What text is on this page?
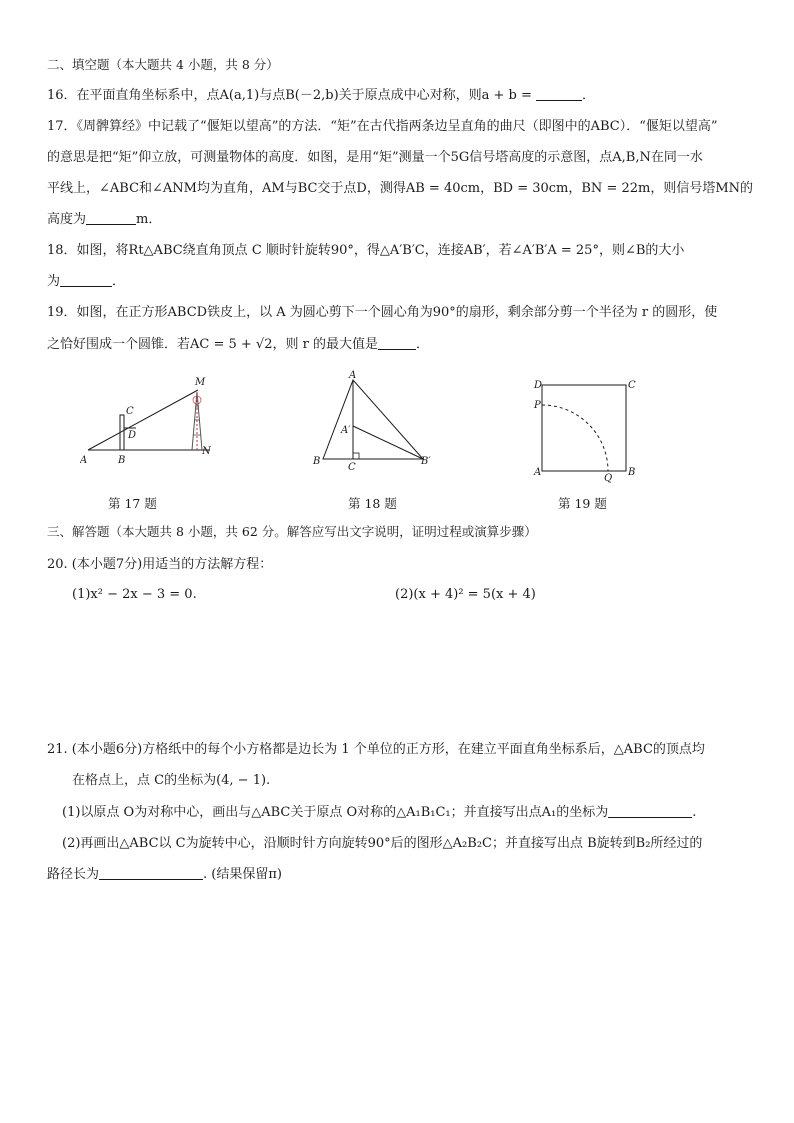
二、填空题（本大题共 4 小题，共 8 分）
16．在平面直角坐标系中，点A(a,1)与点B(－2,b)关于原点成中心对称，则a + b =	．
17．《周髀算经》中记载了“偃矩以望高”的方法．“矩”在古代指两条边呈直角的曲尺（即图中的ABC）．“偃矩以望高”
的意思是把“矩”仰立放，可测量物体的高度．如图，是用“矩”测量一个5G信号塔高度的示意图，点A,B,N在同一水
平线上，∠ABC和∠ANM均为直角，AM与BC交于点D，测得AB = 40cm，BD = 30cm，BN = 22m，则信号塔MN的
高度为	m．
18．如图，将Rt△ABC绕直角顶点 C 顺时针旋转90°，得△A′B′C，连接AB′，若∠A′B′A = 25°，则∠B的大小
为	．
19．如图，在正方形ABCD铁皮上，以 A 为圆心剪下一个圆心角为90°的扇形，剩余部分剪一个半径为 r 的圆形，使
之恰好围成一个圆锥．若AC = 5 + √2，则 r 的最大值是	．
A	B
C
D
M
N
第 17 题
A
A′
B	B′
C
第 18 题
D	C
P
A
Q
B
第 19 题
三、解答题（本大题共 8 小题，共 62 分。解答应写出文字说明，证明过程或演算步骤）
20. (本小题7分)用适当的方法解方程：
(1)x² − 2x − 3 = 0.	(2)(x + 4)² = 5(x + 4)
21. (本小题6分)方格纸中的每个小方格都是边长为 1 个单位的正方形，在建立平面直角坐标系后，△ABC的顶点均
在格点上，点 C的坐标为(4, − 1).
(1)以原点 O为对称中心，画出与△ABC关于原点 O对称的△A₁B₁C₁；并直接写出点A₁的坐标为	.
(2)再画出△ABC以 C为旋转中心，沿顺时针方向旋转90°后的图形△A₂B₂C；并直接写出点 B旋转到B₂所经过的
路径长为	. (结果保留π)
